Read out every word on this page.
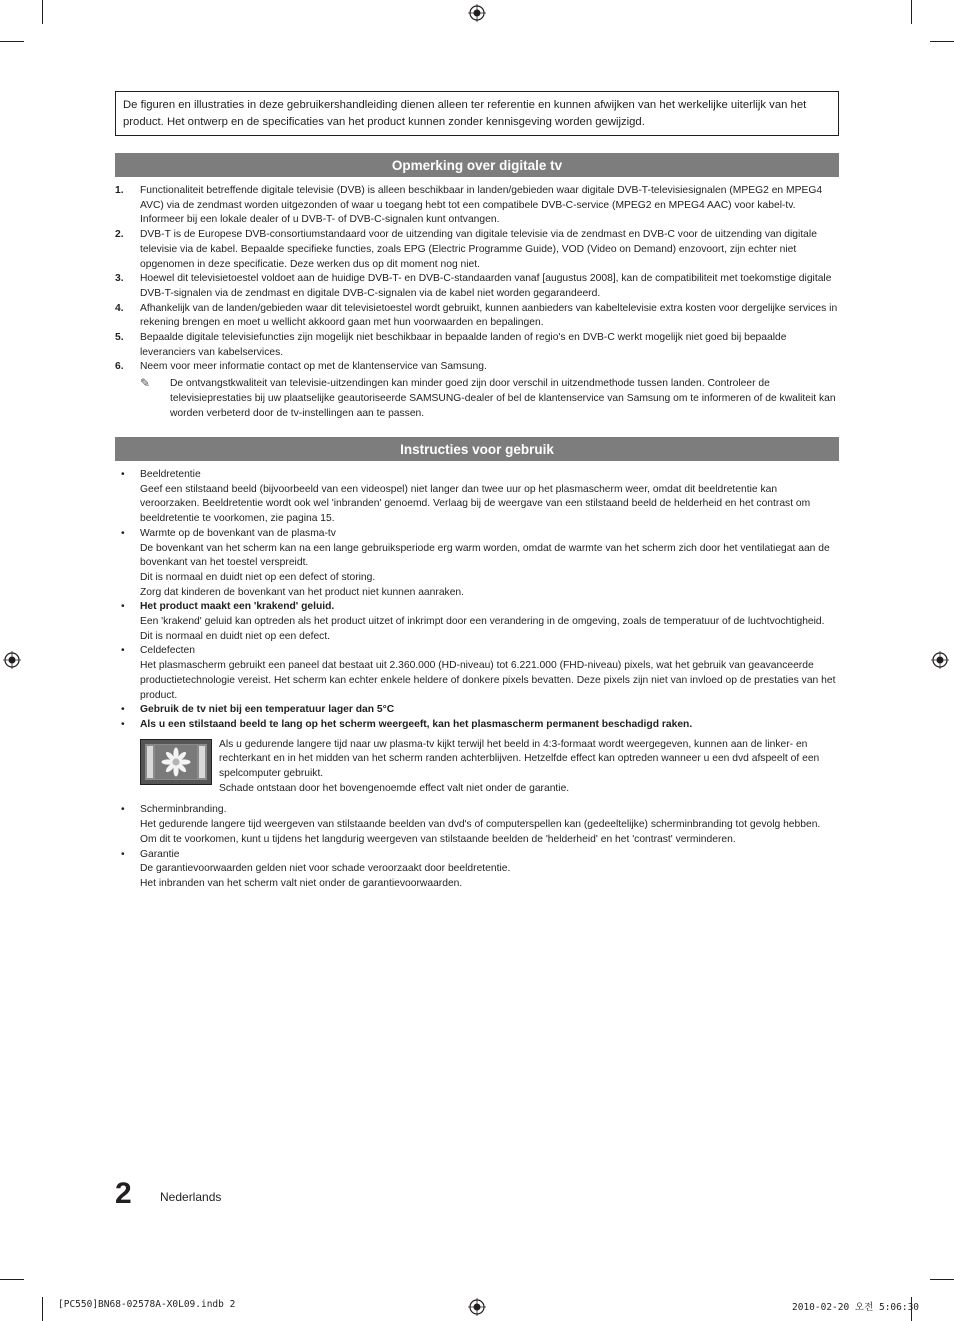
De figuren en illustraties in deze gebruikershandleiding dienen alleen ter referentie en kunnen afwijken van het werkelijke uiterlijk van het product. Het ontwerp en de specificaties van het product kunnen zonder kennisgeving worden gewijzigd.
Opmerking over digitale tv
1. Functionaliteit betreffende digitale televisie (DVB) is alleen beschikbaar in landen/gebieden waar digitale DVB-T-televisiesignalen (MPEG2 en MPEG4 AVC) via de zendmast worden uitgezonden of waar u toegang hebt tot een compatibele DVB-C-service (MPEG2 en MPEG4 AAC) voor kabel-tv. Informeer bij een lokale dealer of u DVB-T- of DVB-C-signalen kunt ontvangen.
2. DVB-T is de Europese DVB-consortiumstandaard voor de uitzending van digitale televisie via de zendmast en DVB-C voor de uitzending van digitale televisie via de kabel. Bepaalde specifieke functies, zoals EPG (Electric Programme Guide), VOD (Video on Demand) enzovoort, zijn echter niet opgenomen in deze specificatie. Deze werken dus op dit moment nog niet.
3. Hoewel dit televisietoestel voldoet aan de huidige DVB-T- en DVB-C-standaarden vanaf [augustus 2008], kan de compatibiliteit met toekomstige digitale DVB-T-signalen via de zendmast en digitale DVB-C-signalen via de kabel niet worden gegarandeerd.
4. Afhankelijk van de landen/gebieden waar dit televisietoestel wordt gebruikt, kunnen aanbieders van kabeltelevisie extra kosten voor dergelijke services in rekening brengen en moet u wellicht akkoord gaan met hun voorwaarden en bepalingen.
5. Bepaalde digitale televisiefuncties zijn mogelijk niet beschikbaar in bepaalde landen of regio's en DVB-C werkt mogelijk niet goed bij bepaalde leveranciers van kabelservices.
6. Neem voor meer informatie contact op met de klantenservice van Samsung.
✎ De ontvangstkwaliteit van televisie-uitzendingen kan minder goed zijn door verschil in uitzendmethode tussen landen. Controleer de televisieprestaties bij uw plaatselijke geautoriseerde SAMSUNG-dealer of bel de klantenservice van Samsung om te informeren of de kwaliteit kan worden verbeterd door de tv-instellingen aan te passen.
Instructies voor gebruik
• Beeldretentie
Geef een stilstaand beeld (bijvoorbeeld van een videospel) niet langer dan twee uur op het plasmascherm weer, omdat dit beeldretentie kan veroorzaken. Beeldretentie wordt ook wel 'inbranden' genoemd. Verlaag bij de weergave van een stilstaand beeld de helderheid en het contrast om beeldretentie te voorkomen, zie pagina 15.
• Warmte op de bovenkant van de plasma-tv
De bovenkant van het scherm kan na een lange gebruiksperiode erg warm worden, omdat de warmte van het scherm zich door het ventilatiegat aan de bovenkant van het toestel verspreidt.
Dit is normaal en duidt niet op een defect of storing.
Zorg dat kinderen de bovenkant van het product niet kunnen aanraken.
• Het product maakt een 'krakend' geluid.
Een 'krakend' geluid kan optreden als het product uitzet of inkrimpt door een verandering in de omgeving, zoals de temperatuur of de luchtvochtigheid. Dit is normaal en duidt niet op een defect.
• Celdefecten
Het plasmascherm gebruikt een paneel dat bestaat uit 2.360.000 (HD-niveau) tot 6.221.000 (FHD-niveau) pixels, wat het gebruik van geavanceerde productietechnologie vereist. Het scherm kan echter enkele heldere of donkere pixels bevatten. Deze pixels zijn niet van invloed op de prestaties van het product.
• Gebruik de tv niet bij een temperatuur lager dan 5°C
• Als u een stilstaand beeld te lang op het scherm weergeeft, kan het plasmascherm permanent beschadigd raken.
Als u gedurende langere tijd naar uw plasma-tv kijkt terwijl het beeld in 4:3-formaat wordt weergegeven, kunnen aan de linker- en rechterkant en in het midden van het scherm randen achterblijven. Hetzelfde effect kan optreden wanneer u een dvd afspeelt of een spelcomputer gebruikt.
Schade ontstaan door het bovengenoemde effect valt niet onder de garantie.
• Scherminbranding.
Het gedurende langere tijd weergeven van stilstaande beelden van dvd's of computerspellen kan (gedeeltelijke) scherminbranding tot gevolg hebben. Om dit te voorkomen, kunt u tijdens het langdurig weergeven van stilstaande beelden de 'helderheid' en het 'contrast' verminderen.
• Garantie
De garantievoorwaarden gelden niet voor schade veroorzaakt door beeldretentie.
Het inbranden van het scherm valt niet onder de garantievoorwaarden.
2 Nederlands
[PC550]BN68-02578A-X0L09.indb 2	2010-02-20 오전 5:06:30
